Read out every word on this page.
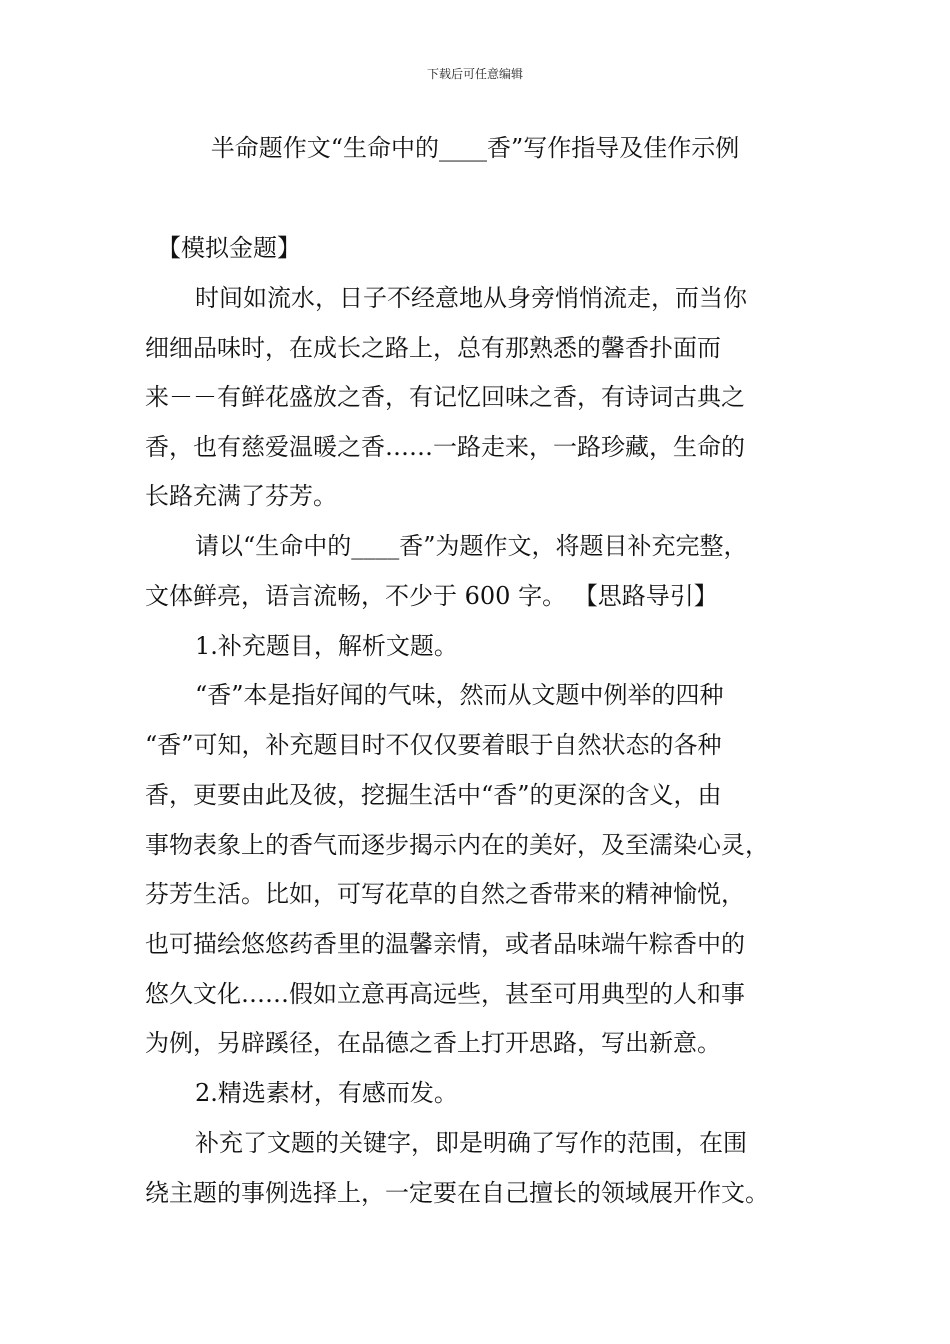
下载后可任意编辑
半命题作文“生命中的____香”写作指导及佳作示例
【模拟金题】
时间如流水，日子不经意地从身旁悄悄流走，而当你
细细品味时，在成长之路上，总有那熟悉的馨香扑面而
来－－有鲜花盛放之香，有记忆回味之香，有诗词古典之
香，也有慈爱温暖之香……一路走来，一路珍藏，生命的
长路充满了芬芳。
请以“生命中的____香”为题作文，将题目补充完整，
文体鲜亮，语言流畅，不少于 600 字。 【思路导引】
1.补充题目，解析文题。
“香”本是指好闻的气味，然而从文题中例举的四种
“香”可知，补充题目时不仅仅要着眼于自然状态的各种
香，更要由此及彼，挖掘生活中“香”的更深的含义，由
事物表象上的香气而逐步揭示内在的美好，及至濡染心灵，
芬芳生活。比如，可写花草的自然之香带来的精神愉悦，
也可描绘悠悠药香里的温馨亲情，或者品味端午粽香中的
悠久文化……假如立意再高远些，甚至可用典型的人和事
为例，另辟蹊径，在品德之香上打开思路，写出新意。
2.精选素材，有感而发。
补充了文题的关键字，即是明确了写作的范围，在围
绕主题的事例选择上，一定要在自己擅长的领域展开作文。
